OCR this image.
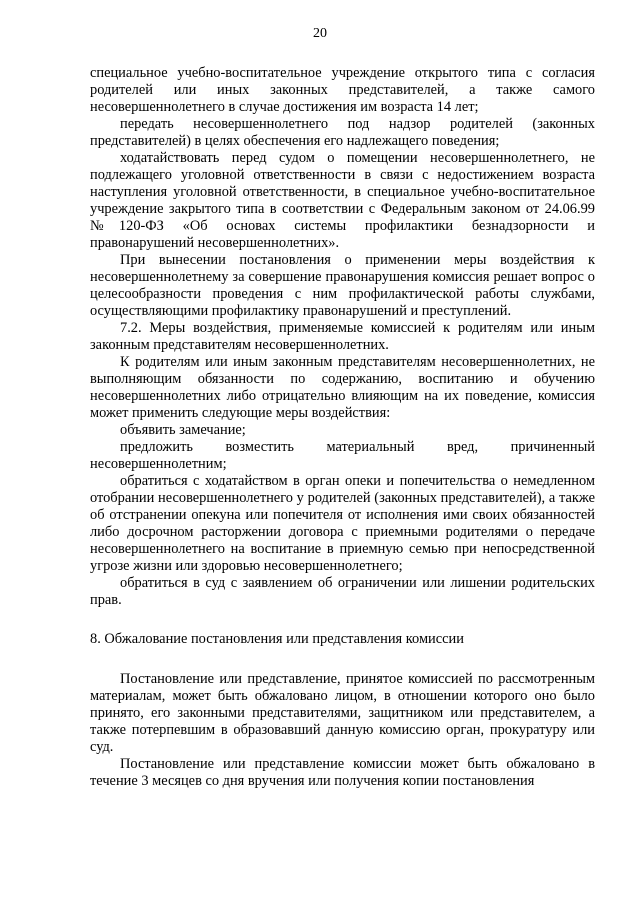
20

специальное учебно-воспитательное учреждение открытого типа с согласия родителей или иных законных представителей, а также самого несовершеннолетнего в случае достижения им возраста 14 лет;

передать несовершеннолетнего под надзор родителей (законных представителей) в целях обеспечения его надлежащего поведения;

ходатайствовать перед судом о помещении несовершеннолетнего, не подлежащего уголовной ответственности в связи с недостижением возраста наступления уголовной ответственности, в специальное учебно-воспитательное учреждение закрытого типа в соответствии с Федеральным законом от 24.06.99 №120-ФЗ «Об основах системы профилактики безнадзорности и правонарушений несовершеннолетних».

При вынесении постановления о применении меры воздействия к несовершеннолетнему за совершение правонарушения комиссия решает вопрос о целесообразности проведения с ним профилактической работы службами, осуществляющими профилактику правонарушений и преступлений.

7.2. Меры воздействия, применяемые комиссией к родителям или иным законным представителям несовершеннолетних.

К родителям или иным законным представителям несовершеннолетних, не выполняющим обязанности по содержанию, воспитанию и обучению несовершеннолетних либо отрицательно влияющим на их поведение, комиссия может применить следующие меры воздействия:

объявить замечание;

предложить возместить материальный вред, причиненный несовершеннолетним;

обратиться с ходатайством в орган опеки и попечительства о немедленном отобрании несовершеннолетнего у родителей (законных представителей), а также об отстранении опекуна или попечителя от исполнения ими своих обязанностей либо досрочном расторжении договора с приемными родителями о передаче несовершеннолетнего на воспитание в приемную семью при непосредственной угрозе жизни или здоровью несовершеннолетнего;

обратиться в суд с заявлением об ограничении или лишении родительских прав.

8. Обжалование постановления или представления комиссии

Постановление или представление, принятое комиссией по рассмотренным материалам, может быть обжаловано лицом, в отношении которого оно было принято, его законными представителями, защитником или представителем, а также потерпевшим в образовавший данную комиссию орган, прокуратуру или суд.

Постановление или представление комиссии может быть обжаловано в течение 3 месяцев со дня вручения или получения копии постановления
